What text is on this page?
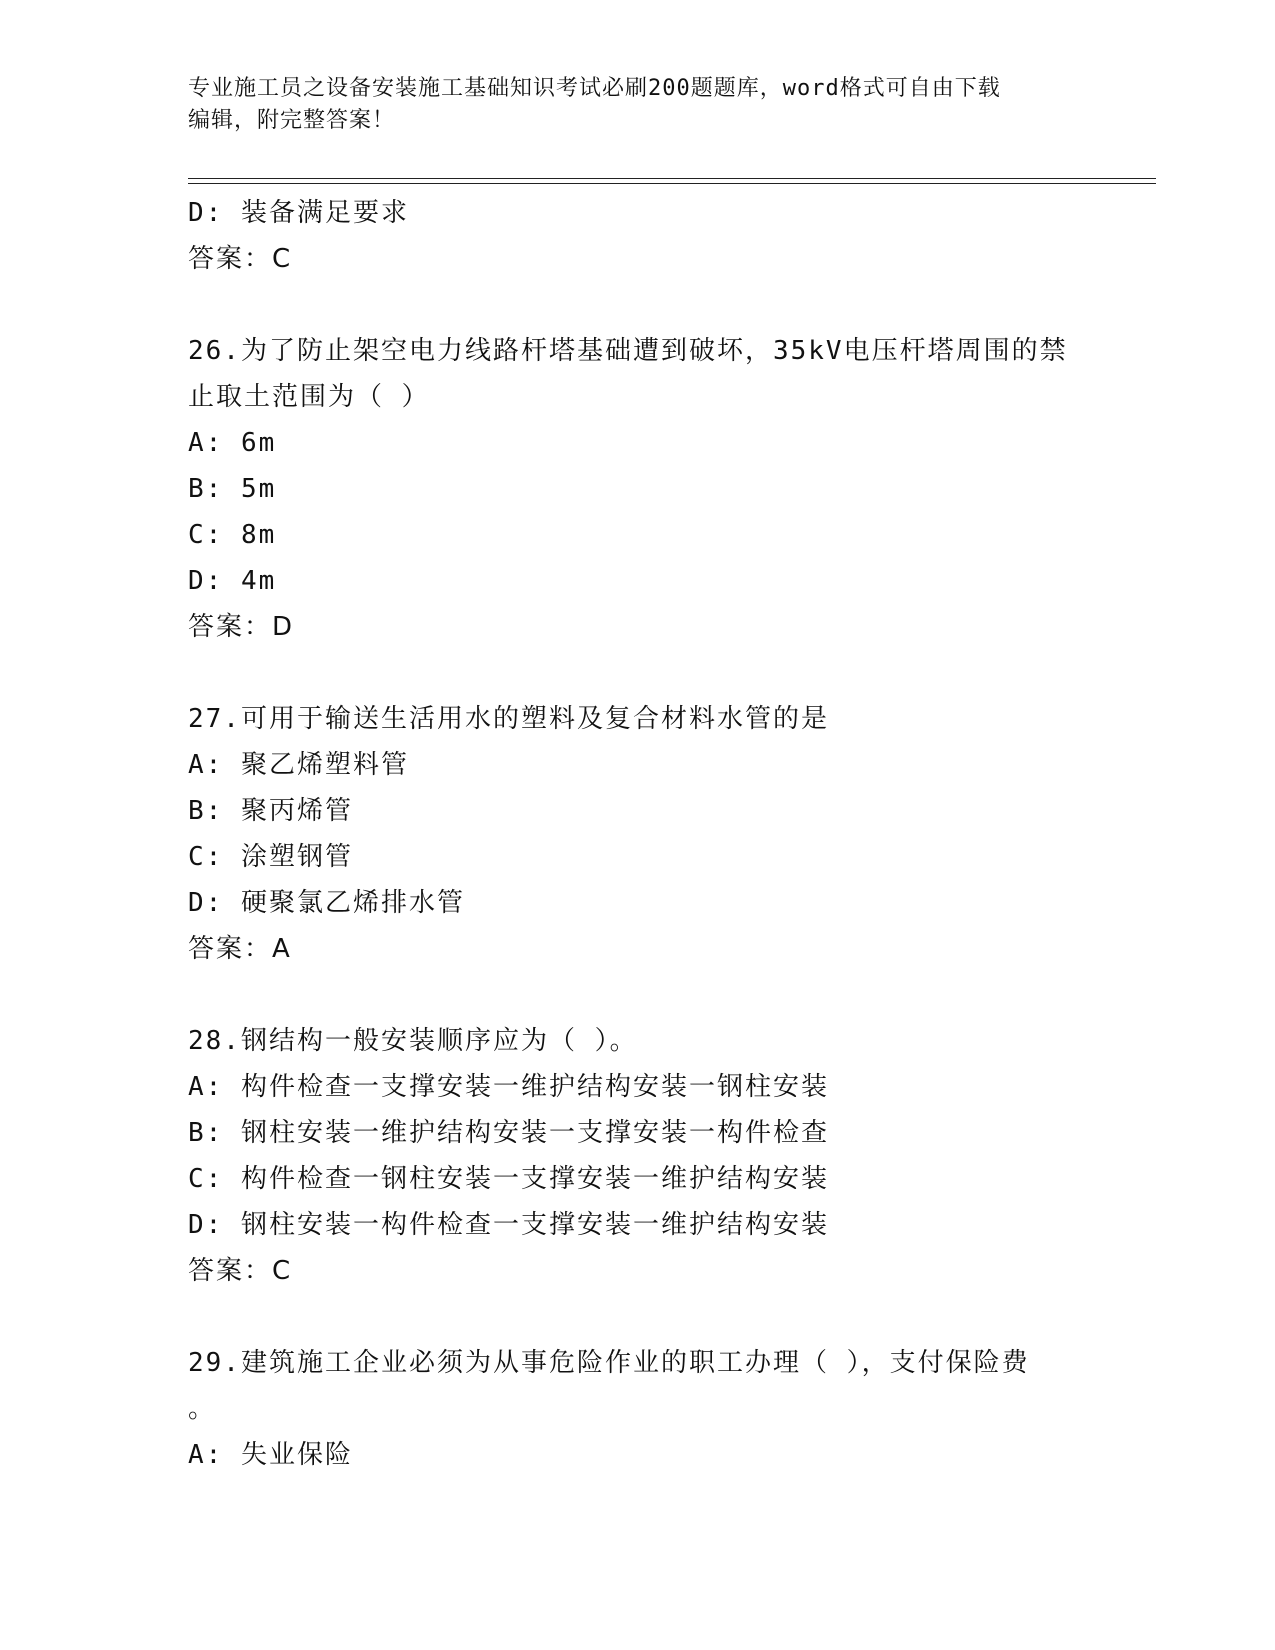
专业施工员之设备安装施工基础知识考试必刷200题题库，word格式可自由下载
编辑，附完整答案！
D: 装备满足要求
答案：C
26.为了防止架空电力线路杆塔基础遭到破坏，35kV电压杆塔周围的禁
止取土范围为（ ）
A: 6m
B: 5m
C: 8m
D: 4m
答案：D
27.可用于输送生活用水的塑料及复合材料水管的是
A: 聚乙烯塑料管
B: 聚丙烯管
C: 涂塑钢管
D: 硬聚氯乙烯排水管
答案：A
28.钢结构一般安装顺序应为（ ）。
A: 构件检查一支撑安装一维护结构安装一钢柱安装
B: 钢柱安装一维护结构安装一支撑安装一构件检查
C: 构件检查一钢柱安装一支撑安装一维护结构安装
D: 钢柱安装一构件检查一支撑安装一维护结构安装
答案：C
29.建筑施工企业必须为从事危险作业的职工办理（ ），支付保险费
。
A: 失业保险
